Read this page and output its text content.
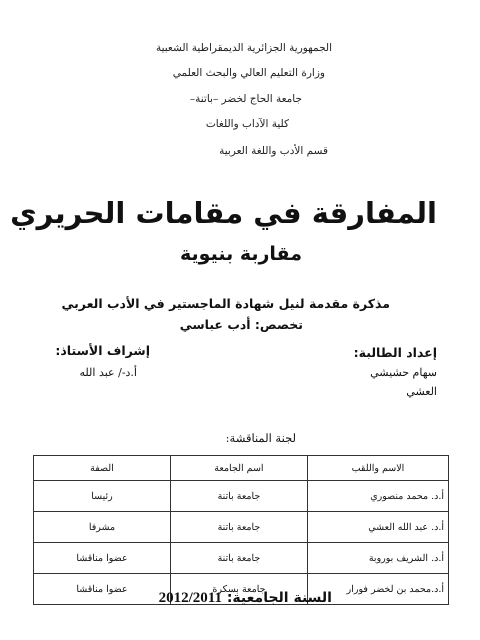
الجمهورية الجزائرية الديمقراطية الشعبية
وزارة التعليم العالي والبحث العلمي
جامعة الحاج لخضر –باتنة–
كلية الآداب واللغات
قسم الأدب واللغة العربية
المفارقة في مقامات الحريري
مقاربة بنيوية
مذكرة مقدمة لنيل شهادة الماجستير في الأدب العربي
تخصص: أدب عباسي
إعداد الطالبة:
سهام حشيشي
العشي
إشراف الأستاذ:
أ.د-/ عبد الله
لجنة المناقشة:
الاسم واللقب	اسم الجامعة	الصفة
أ.د. محمد منصوري	جامعة باتنة	رئيسا
أ.د. عبد الله العشي	جامعة باتنة	مشرفا
أ.د. الشريف بوروبة	جامعة باتنة	عضوا مناقشا
أ.د.محمد بن لخضر فورار	جامعة بسكرة	عضوا مناقشا
السنة الجامعية: 2012/2011
